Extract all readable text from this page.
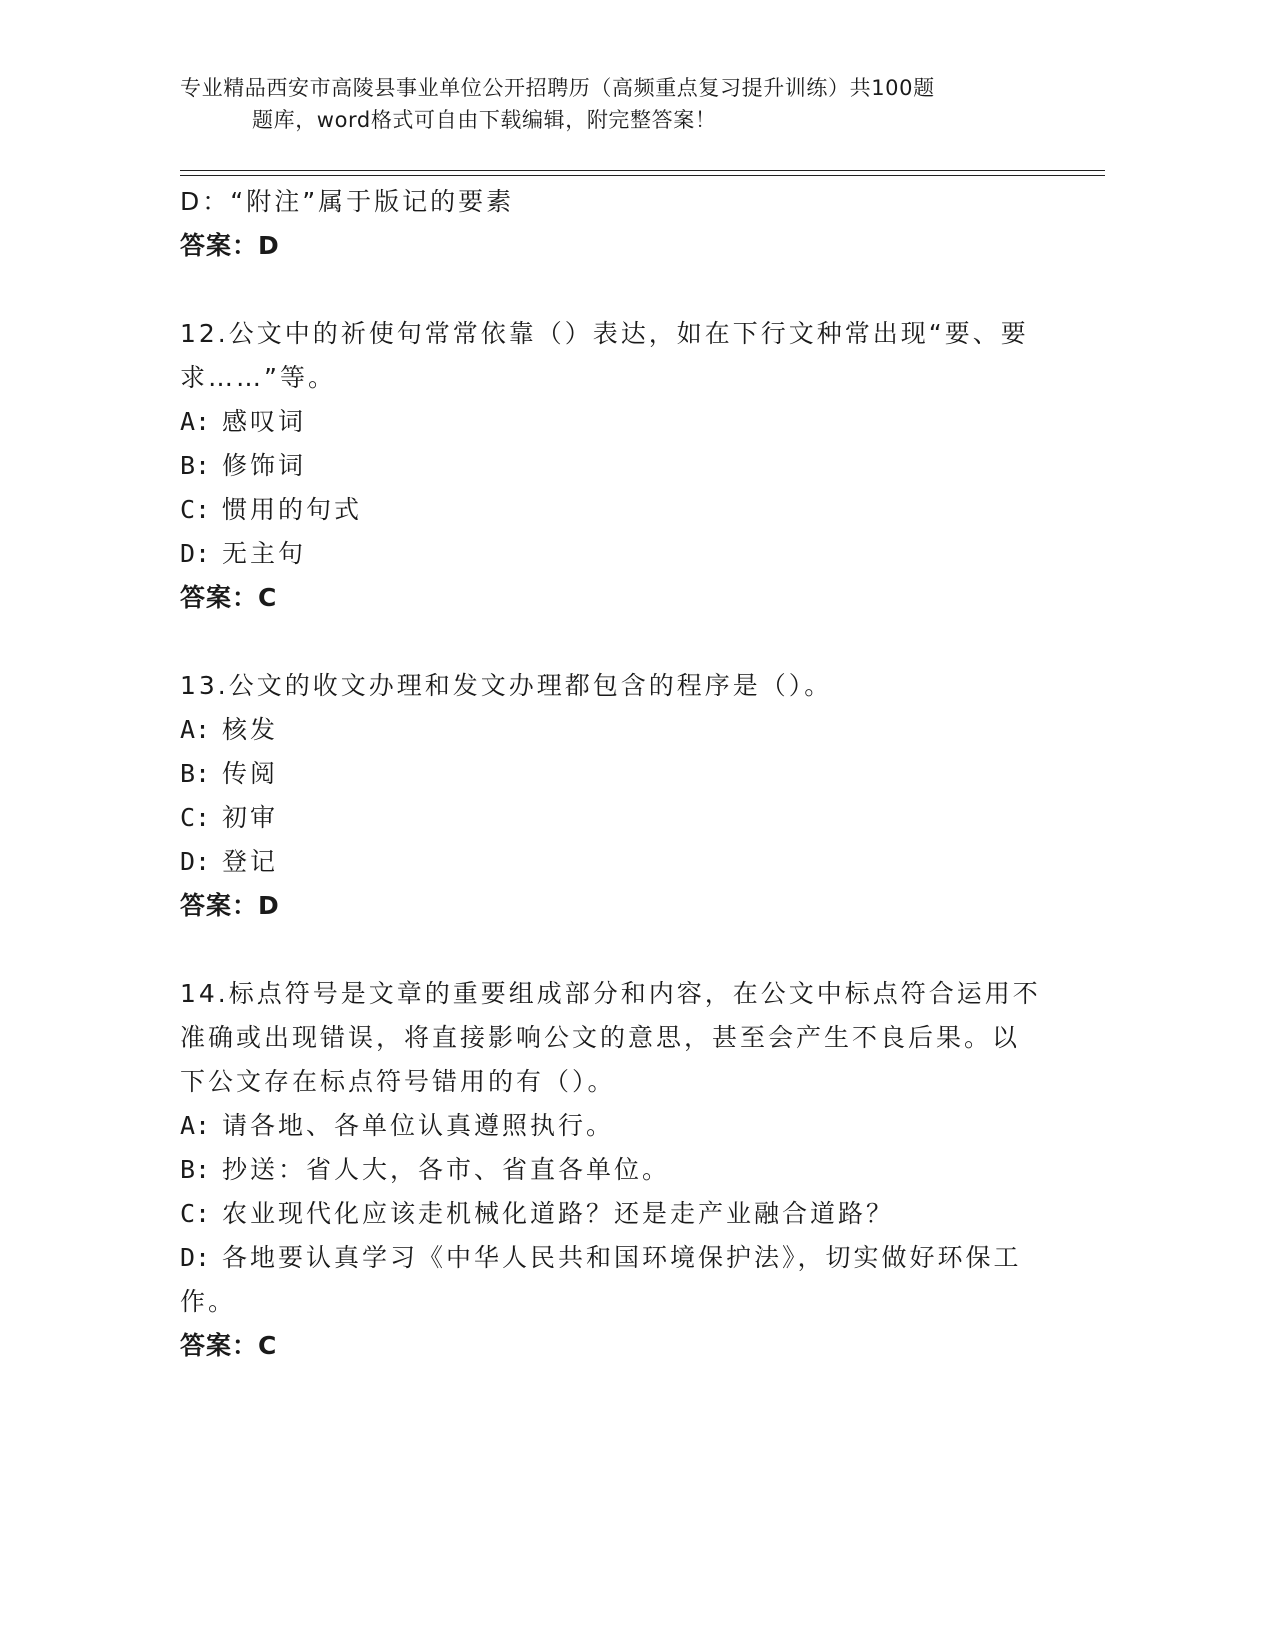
专业精品西安市高陵县事业单位公开招聘历（高频重点复习提升训练）共100题
题库，word格式可自由下载编辑，附完整答案！
D：“附注”属于版记的要素
答案：D
12.公文中的祈使句常常依靠（）表达，如在下行文种常出现“要、要
求……”等。
A: 感叹词
B: 修饰词
C: 惯用的句式
D: 无主句
答案：C
13.公文的收文办理和发文办理都包含的程序是（）。
A: 核发
B: 传阅
C: 初审
D: 登记
答案：D
14.标点符号是文章的重要组成部分和内容，在公文中标点符合运用不
准确或出现错误，将直接影响公文的意思，甚至会产生不良后果。以
下公文存在标点符号错用的有（）。
A: 请各地、各单位认真遵照执行。
B: 抄送：省人大，各市、省直各单位。
C: 农业现代化应该走机械化道路？还是走产业融合道路？
D: 各地要认真学习《中华人民共和国环境保护法》，切实做好环保工
作。
答案：C
